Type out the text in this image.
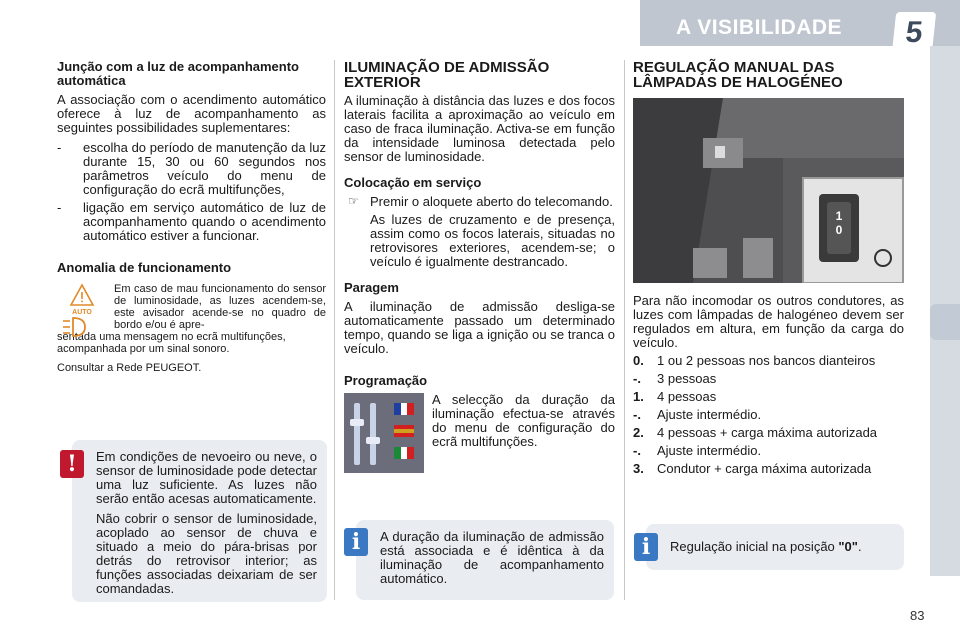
A VISIBILIDADE	5
Junção com a luz de acompanhamento automática

A associação com o acendimento automático oferece à luz de acompanhamento as seguintes possibilidades suplementares:

- escolha do período de manutenção da luz durante 15, 30 ou 60 segundos nos parâmetros veículo do menu de configuração do ecrã multifunções,
- ligação em serviço automático de luz de acompanhamento quando o acendimento automático estiver a funcionar.
Anomalia de funcionamento
AUTO

Em caso de mau funcionamento do sensor de luminosidade, as luzes acendem-se, este avisador acende-se no quadro de bordo e/ou é apre-

sentada uma mensagem no ecrã multifunções, acompanhada por um sinal sonoro.

Consultar a Rede PEUGEOT.

!	Em condições de nevoeiro ou neve, o sensor de luminosidade pode detectar uma luz suficiente. As luzes não serão então acesas automaticamente.

Não cobrir o sensor de luminosidade, acoplado ao sensor de chuva e situado a meio do pára-brisas por detrás do retrovisor interior; as funções associadas deixariam de ser comandadas.

ILUMINAÇÃO DE ADMISSÃO EXTERIOR

A iluminação à distância das luzes e dos focos laterais facilita a aproximação ao veículo em caso de fraca iluminação. Activa-se em função da intensidade luminosa detectada pelo sensor de luminosidade.

Colocação em serviço
☞ Premir o aloquete aberto do telecomando.

As luzes de cruzamento e de presença, assim como os focos laterais, situadas no retrovisores exteriores, acendem-se; o veículo é igualmente destrancado.

Paragem

A iluminação de admissão desliga-se automaticamente passado um determinado tempo, quando se liga a ignição ou se tranca o veículo.

Programação

A selecção da duração da iluminação efectua-se através do menu de configuração do ecrã multifunções.

i	A duração da iluminação de admissão está associada e é idêntica à da iluminação de acompanhamento automático.

REGULAÇÃO MANUAL DAS LÂMPADAS DE HALOGÉNEO
1
0

Para não incomodar os outros condutores, as luzes com lâmpadas de halogéneo devem ser regulados em altura, em função da carga do veículo.

0.	1 ou 2 pessoas nos bancos dianteiros
-.	3 pessoas
1.	4 pessoas
-.	Ajuste intermédio.
2.	4 pessoas + carga máxima autorizada
-.	Ajuste intermédio.
3.	Condutor + carga máxima autorizada
i	Regulação inicial na posição "0".

83
